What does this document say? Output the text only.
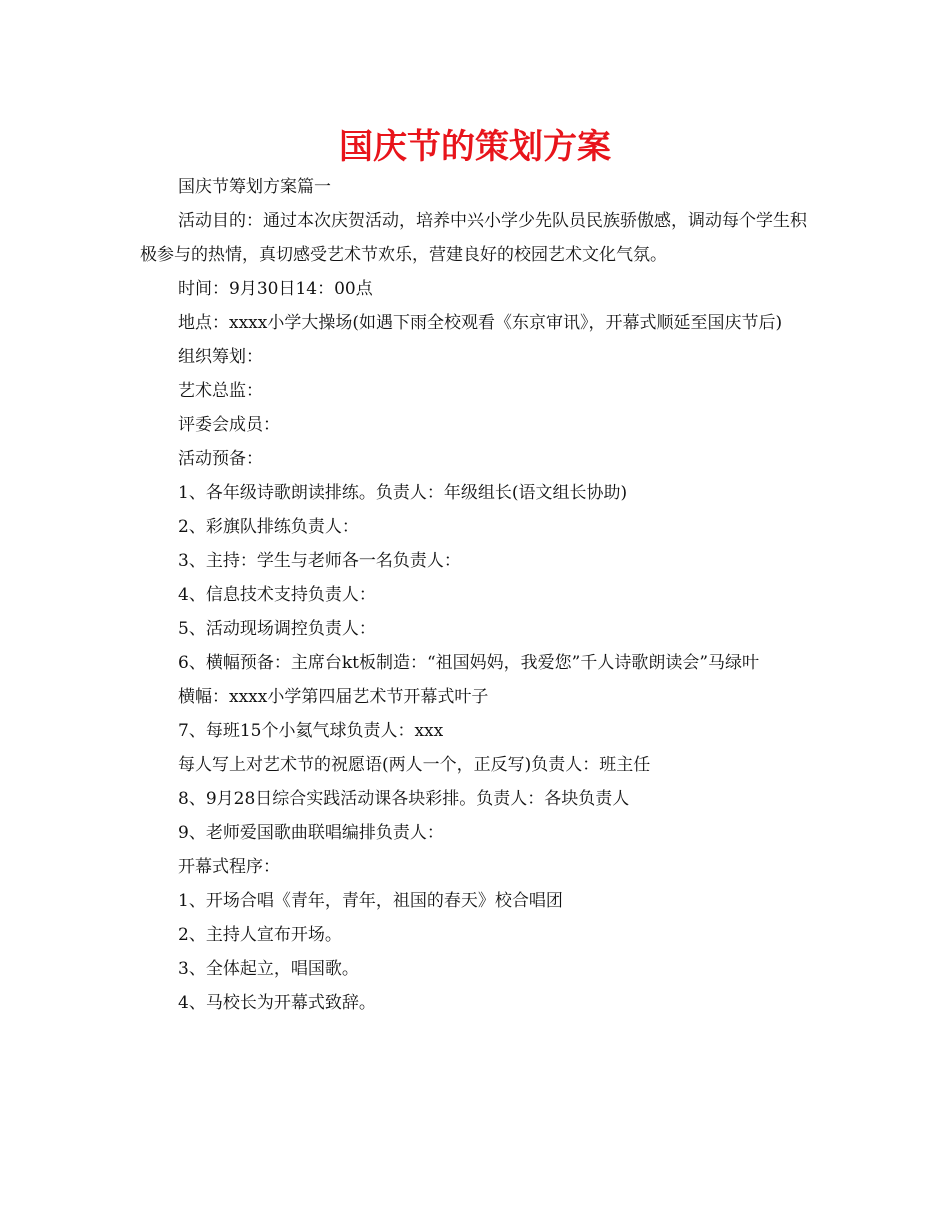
国庆节的策划方案

国庆节筹划方案篇一

活动目的：通过本次庆贺活动，培养中兴小学少先队员民族骄傲感，调动每个学生积极参与的热情，真切感受艺术节欢乐，营建良好的校园艺术文化气氛。

时间：9月30日14：00点

地点：xxxx小学大操场(如遇下雨全校观看《东京审讯》，开幕式顺延至国庆节后)

组织筹划：

艺术总监：

评委会成员：

活动预备：

1、各年级诗歌朗读排练。负责人：年级组长(语文组长协助)

2、彩旗队排练负责人：

3、主持：学生与老师各一名负责人：

4、信息技术支持负责人：

5、活动现场调控负责人：

6、横幅预备：主席台kt板制造：“祖国妈妈，我爱您”千人诗歌朗读会”马绿叶

横幅：xxxx小学第四届艺术节开幕式叶子

7、每班15个小氦气球负责人：xxx

每人写上对艺术节的祝愿语(两人一个，正反写)负责人：班主任

8、9月28日综合实践活动课各块彩排。负责人：各块负责人

9、老师爱国歌曲联唱编排负责人：

开幕式程序：

1、开场合唱《青年，青年，祖国的春天》校合唱团

2、主持人宣布开场。

3、全体起立，唱国歌。

4、马校长为开幕式致辞。
